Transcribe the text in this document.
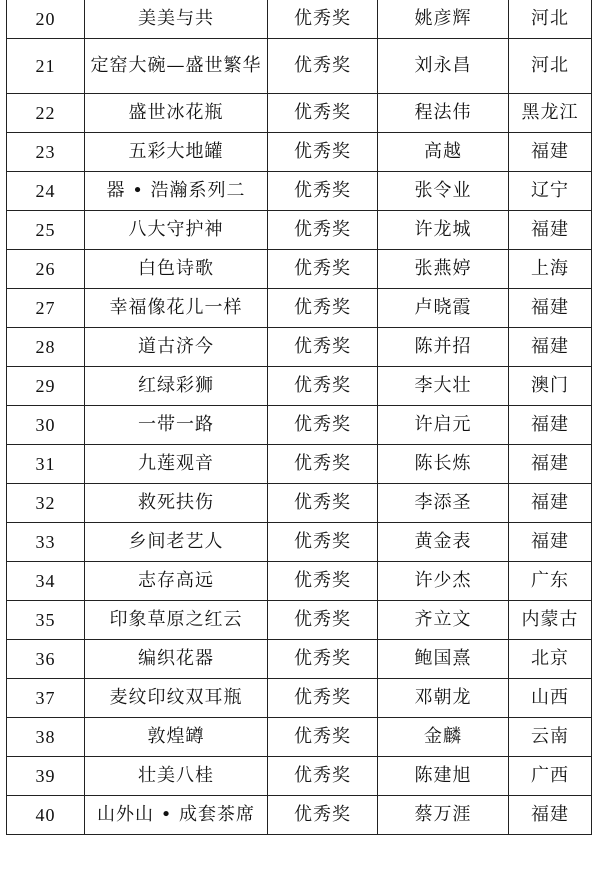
20	美美与共	优秀奖	姚彦辉	河北
21	定窑大碗—盛世繁华	优秀奖	刘永昌	河北
22	盛世冰花瓶	优秀奖	程法伟	黑龙江
23	五彩大地罐	优秀奖	高越	福建
24	器 • 浩瀚系列二	优秀奖	张令业	辽宁
25	八大守护神	优秀奖	许龙城	福建
26	白色诗歌	优秀奖	张燕婷	上海
27	幸福像花儿一样	优秀奖	卢晓霞	福建
28	道古济今	优秀奖	陈并招	福建
29	红绿彩狮	优秀奖	李大壮	澳门
30	一带一路	优秀奖	许启元	福建
31	九莲观音	优秀奖	陈长炼	福建
32	救死扶伤	优秀奖	李添圣	福建
33	乡间老艺人	优秀奖	黄金表	福建
34	志存高远	优秀奖	许少杰	广东
35	印象草原之红云	优秀奖	齐立文	内蒙古
36	编织花器	优秀奖	鲍国熹	北京
37	麦纹印纹双耳瓶	优秀奖	邓朝龙	山西
38	敦煌罇	优秀奖	金麟	云南
39	壮美八桂	优秀奖	陈建旭	广西
40	山外山 • 成套茶席	优秀奖	蔡万涯	福建
